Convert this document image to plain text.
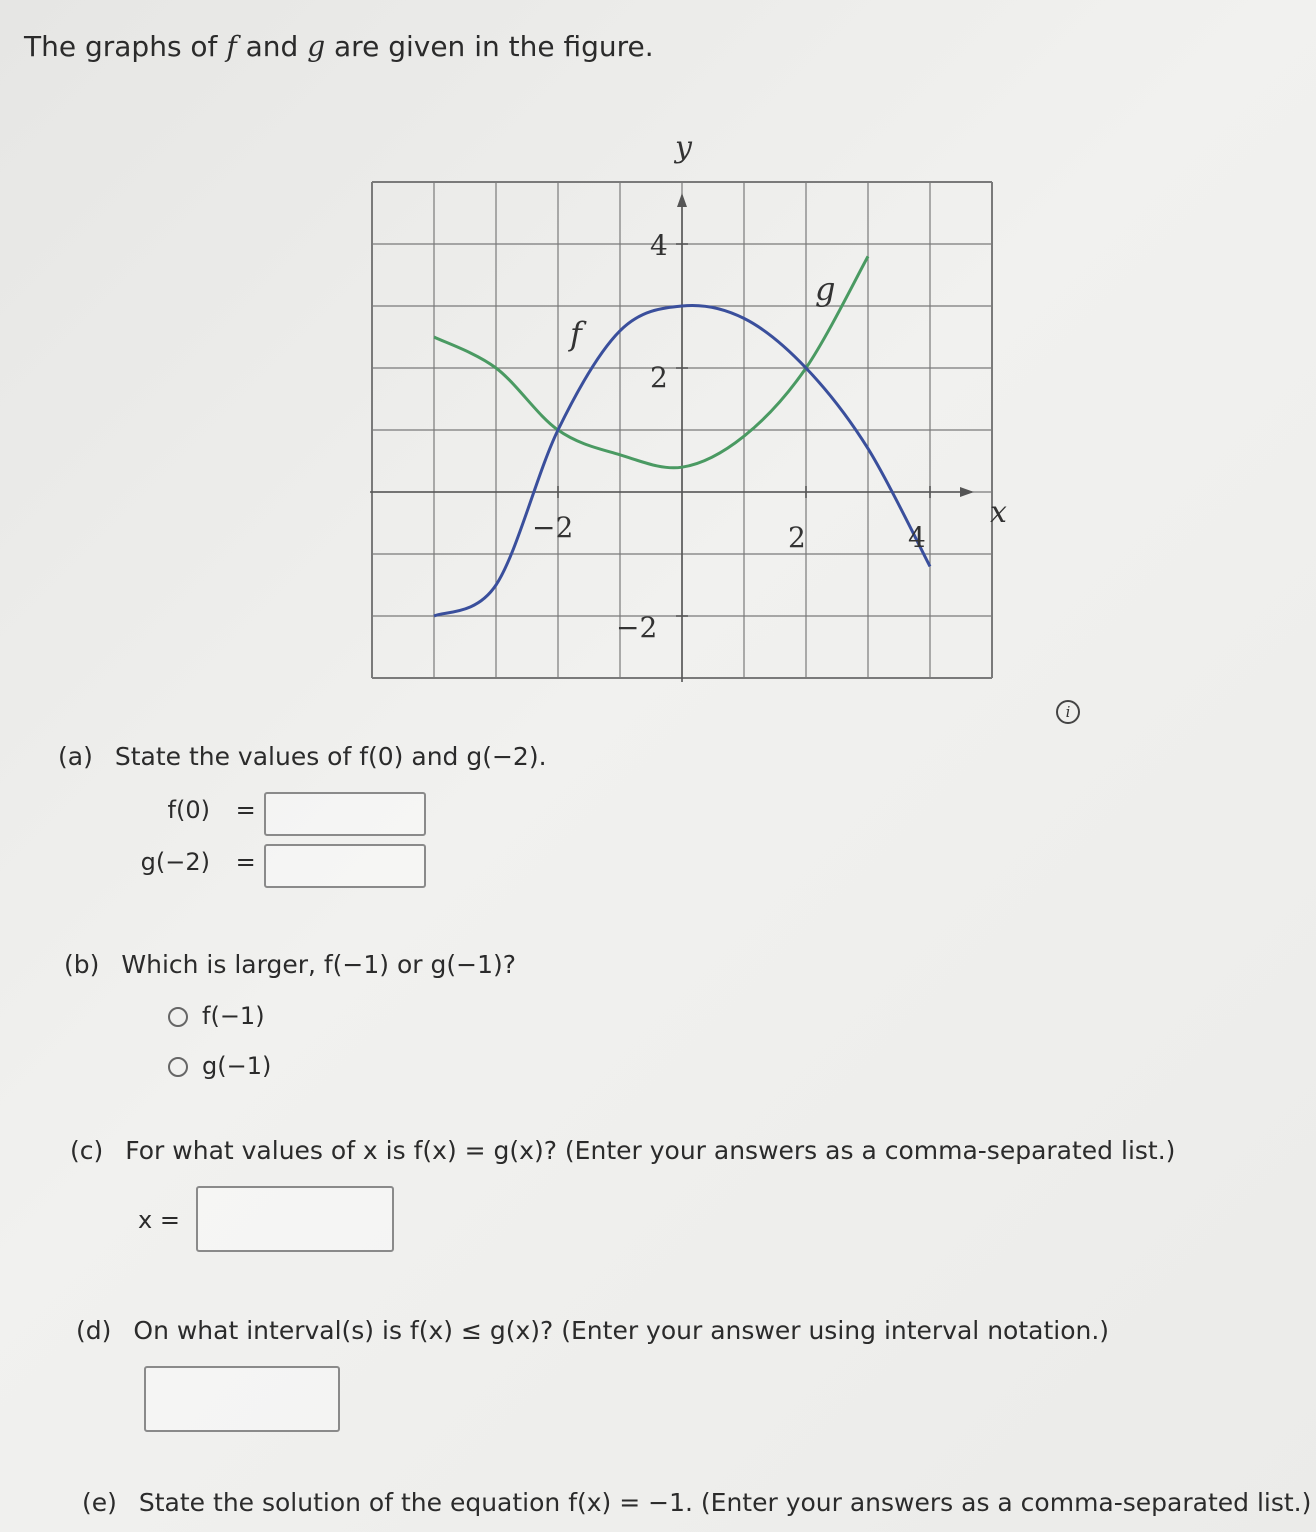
The graphs of f and g are given in the figure.
x
y
f
g
−2	2	4
4
2
−2
i
(a) State the values of f(0) and g(−2).
f(0) =
g(−2) =
(b) Which is larger, f(−1) or g(−1)?
f(−1)
g(−1)
(c) For what values of x is f(x) = g(x)? (Enter your answers as a comma-separated list.)
x =
(d) On what interval(s) is f(x) ≤ g(x)? (Enter your answer using interval notation.)
(e) State the solution of the equation f(x) = −1. (Enter your answers as a comma-separated list.)
